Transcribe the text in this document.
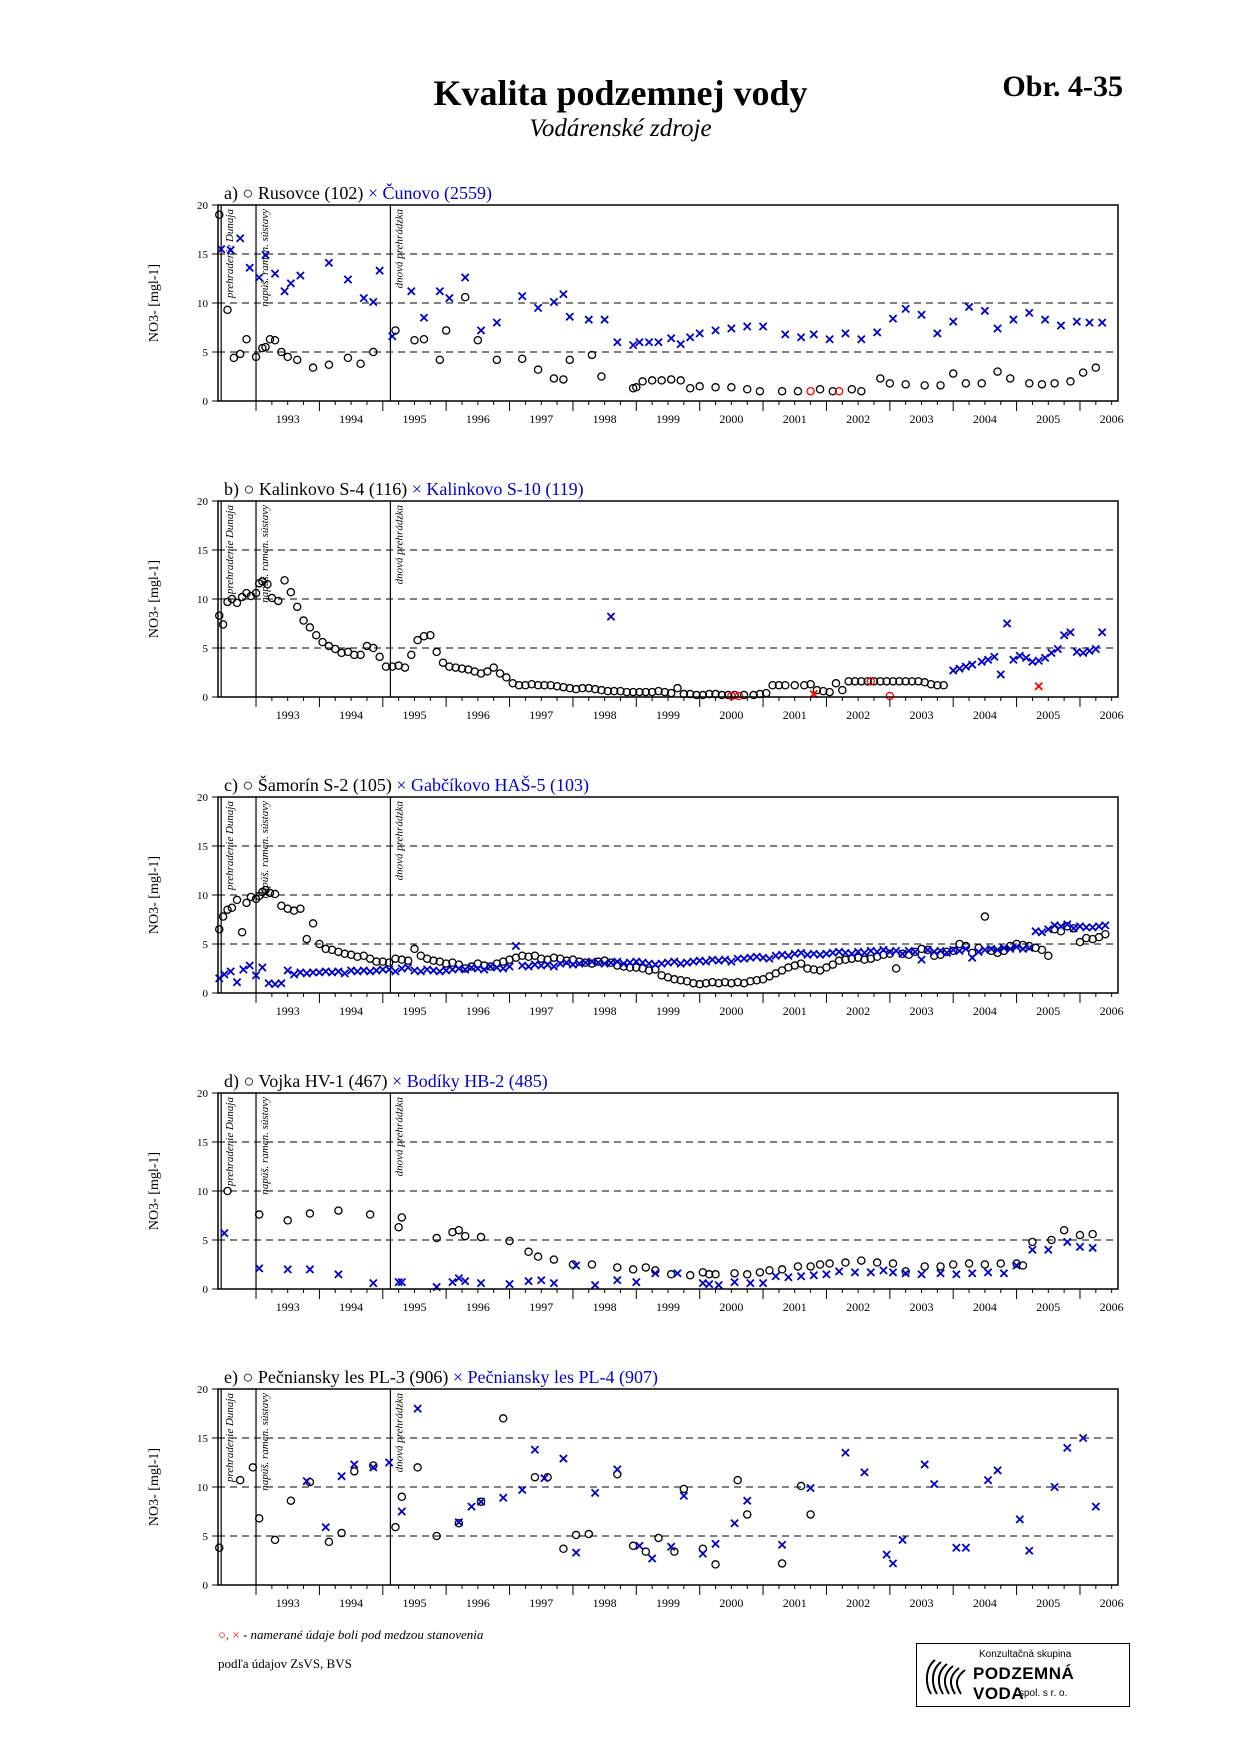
Kvalita podzemnej vody
Vodárenské zdroje
Obr. 4-35
a) ○ Rusovce (102) × Čunovo (2559)
0
5
10
15
20
NO3- [mgl-1]
1993	1994	1995	1996	1997	1998	1999	2000	2001	2002	2003	2004	2005	2006
prehradenie Dunaja napúš. ramen. sústavy	dnová prehrádzka
b) ○ Kalinkovo S-4 (116) × Kalinkovo S-10 (119)
0
5
10
15
20
NO3- [mgl-1]
1993	1994	1995	1996	1997	1998	1999	2000	2001	2002	2003	2004	2005	2006
prehradenie Dunaja napúš. ramen. sústavy	dnová prehrádzka
c) ○ Šamorín S-2 (105) × Gabčíkovo HAŠ-5 (103)
0
5
10
15
20
NO3- [mgl-1]
1993	1994	1995	1996	1997	1998	1999	2000	2001	2002	2003	2004	2005	2006
prehradenie Dunaja napúš. ramen. sústavy	dnová prehrádzka
d) ○ Vojka HV-1 (467) × Bodíky HB-2 (485)
0
5
10
15
20
NO3- [mgl-1]
1993	1994	1995	1996	1997	1998	1999	2000	2001	2002	2003	2004	2005	2006
prehradenie Dunaja napúš. ramen. sústavy	dnová prehrádzka
e) ○ Pečniansky les PL-3 (906) × Pečniansky les PL-4 (907)
0
5
10
15
20
NO3- [mgl-1]
1993	1994	1995	1996	1997	1998	1999	2000	2001	2002	2003	2004	2005	2006
prehradenie Dunaja napúš. ramen. sústavy	dnová prehrádzka
○, × - namerané údaje boli pod medzou stanovenia
podľa údajov ZsVS, BVS
Konzultačná skupina
PODZEMNÁ VODA
spol. s r. o.
